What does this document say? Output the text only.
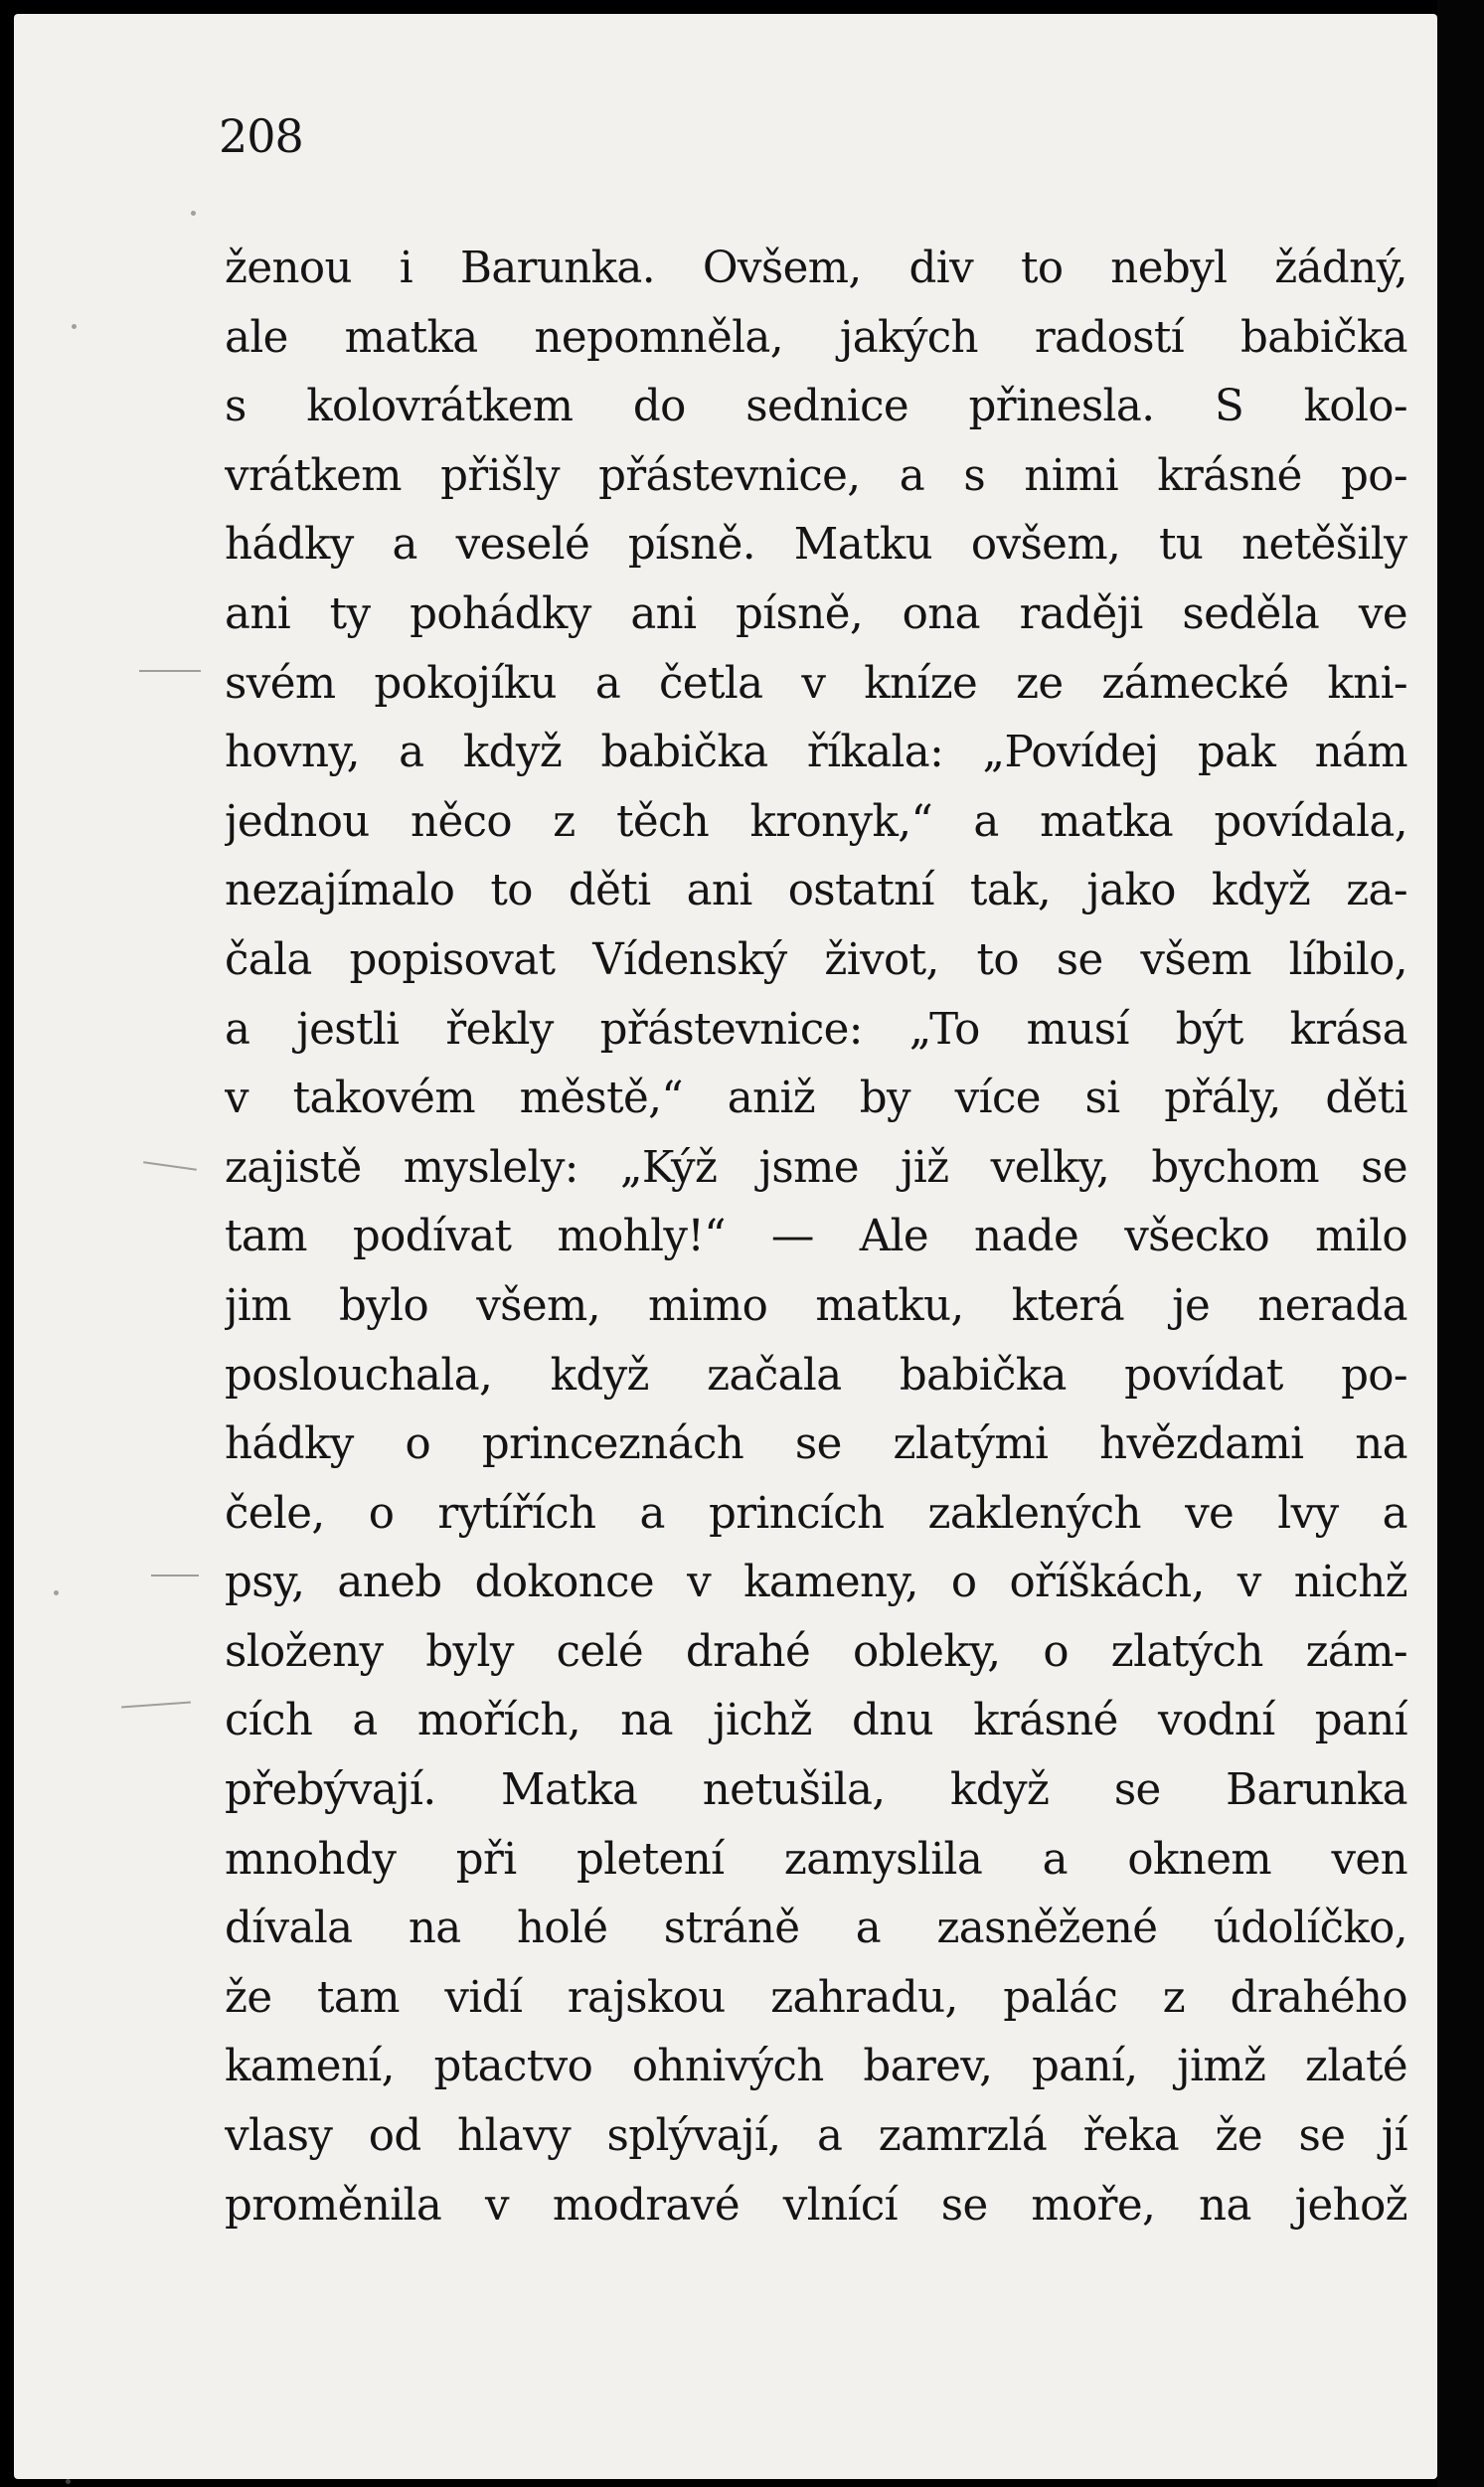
208
ženou i Barunka. Ovšem, div to nebyl žádný,
ale matka nepomněla, jakých radostí babička
s kolovrátkem do sednice přinesla. S kolo-
vrátkem přišly přástevnice, a s nimi krásné po-
hádky a veselé písně. Matku ovšem, tu netěšily
ani ty pohádky ani písně, ona raději seděla ve
svém pokojíku a četla v kníze ze zámecké kni-
hovny, a když babička říkala: „Povídej pak nám
jednou něco z těch kronyk,“ a matka povídala,
nezajímalo to děti ani ostatní tak, jako když za-
čala popisovat Vídenský život, to se všem líbilo,
a jestli řekly přástevnice: „To musí být krása
v takovém městě,“ aniž by více si přály, děti
zajistě myslely: „Kýž jsme již velky, bychom se
tam podívat mohly!“ — Ale nade všecko milo
jim bylo všem, mimo matku, která je nerada
poslouchala, když začala babička povídat po-
hádky o princeznách se zlatými hvězdami na
čele, o rytířích a princích zaklených ve lvy a
psy, aneb dokonce v kameny, o oříškách, v nichž
složeny byly celé drahé obleky, o zlatých zám-
cích a mořích, na jichž dnu krásné vodní paní
přebývají. Matka netušila, když se Barunka
mnohdy při pletení zamyslila a oknem ven
dívala na holé stráně a zasněžené údolíčko,
že tam vidí rajskou zahradu, palác z drahého
kamení, ptactvo ohnivých barev, paní, jimž zlaté
vlasy od hlavy splývají, a zamrzlá řeka že se jí
proměnila v modravé vlnící se moře, na jehož
